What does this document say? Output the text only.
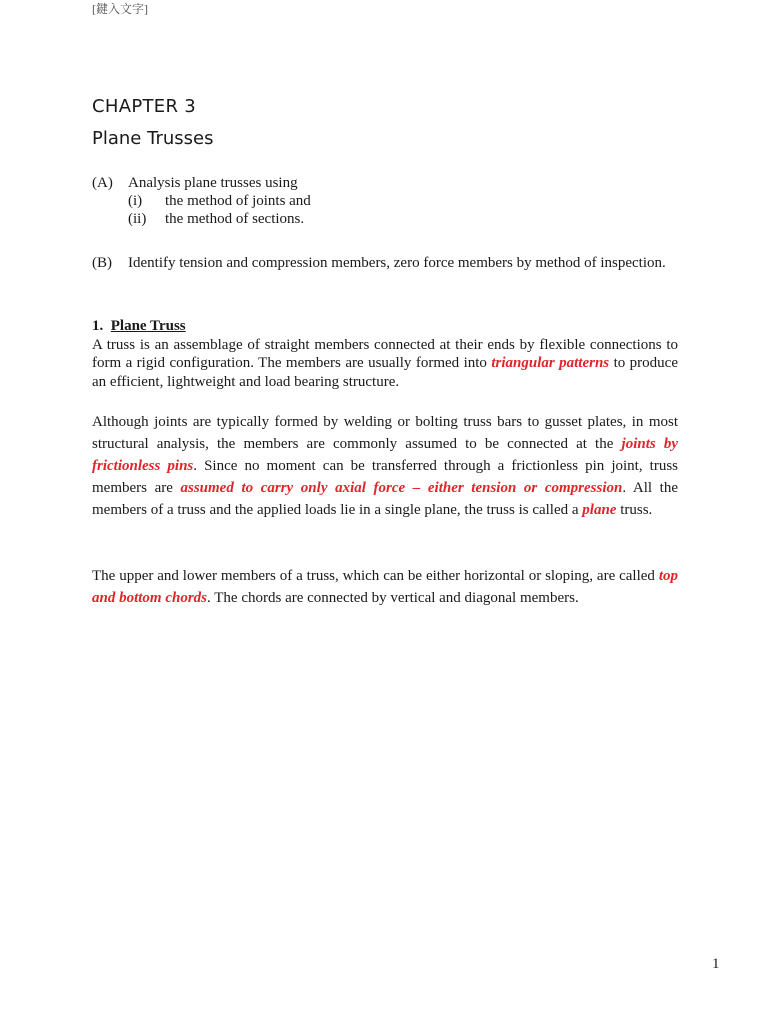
[鍵入文字]
CHAPTER 3
Plane Trusses
(A)	Analysis plane trusses using
(i)	the method of joints and
(ii)	the method of sections.
(B)	Identify tension and compression members, zero force members by method of inspection.
1. Plane Truss
A truss is an assemblage of straight members connected at their ends by flexible connections to form a rigid configuration. The members are usually formed into triangular patterns to produce an efficient, lightweight and load bearing structure.
Although joints are typically formed by welding or bolting truss bars to gusset plates, in most structural analysis, the members are commonly assumed to be connected at the joints by frictionless pins. Since no moment can be transferred through a frictionless pin joint, truss members are assumed to carry only axial force – either tension or compression. All the members of a truss and the applied loads lie in a single plane, the truss is called a plane truss.
The upper and lower members of a truss, which can be either horizontal or sloping, are called top and bottom chords. The chords are connected by vertical and diagonal members.
1
